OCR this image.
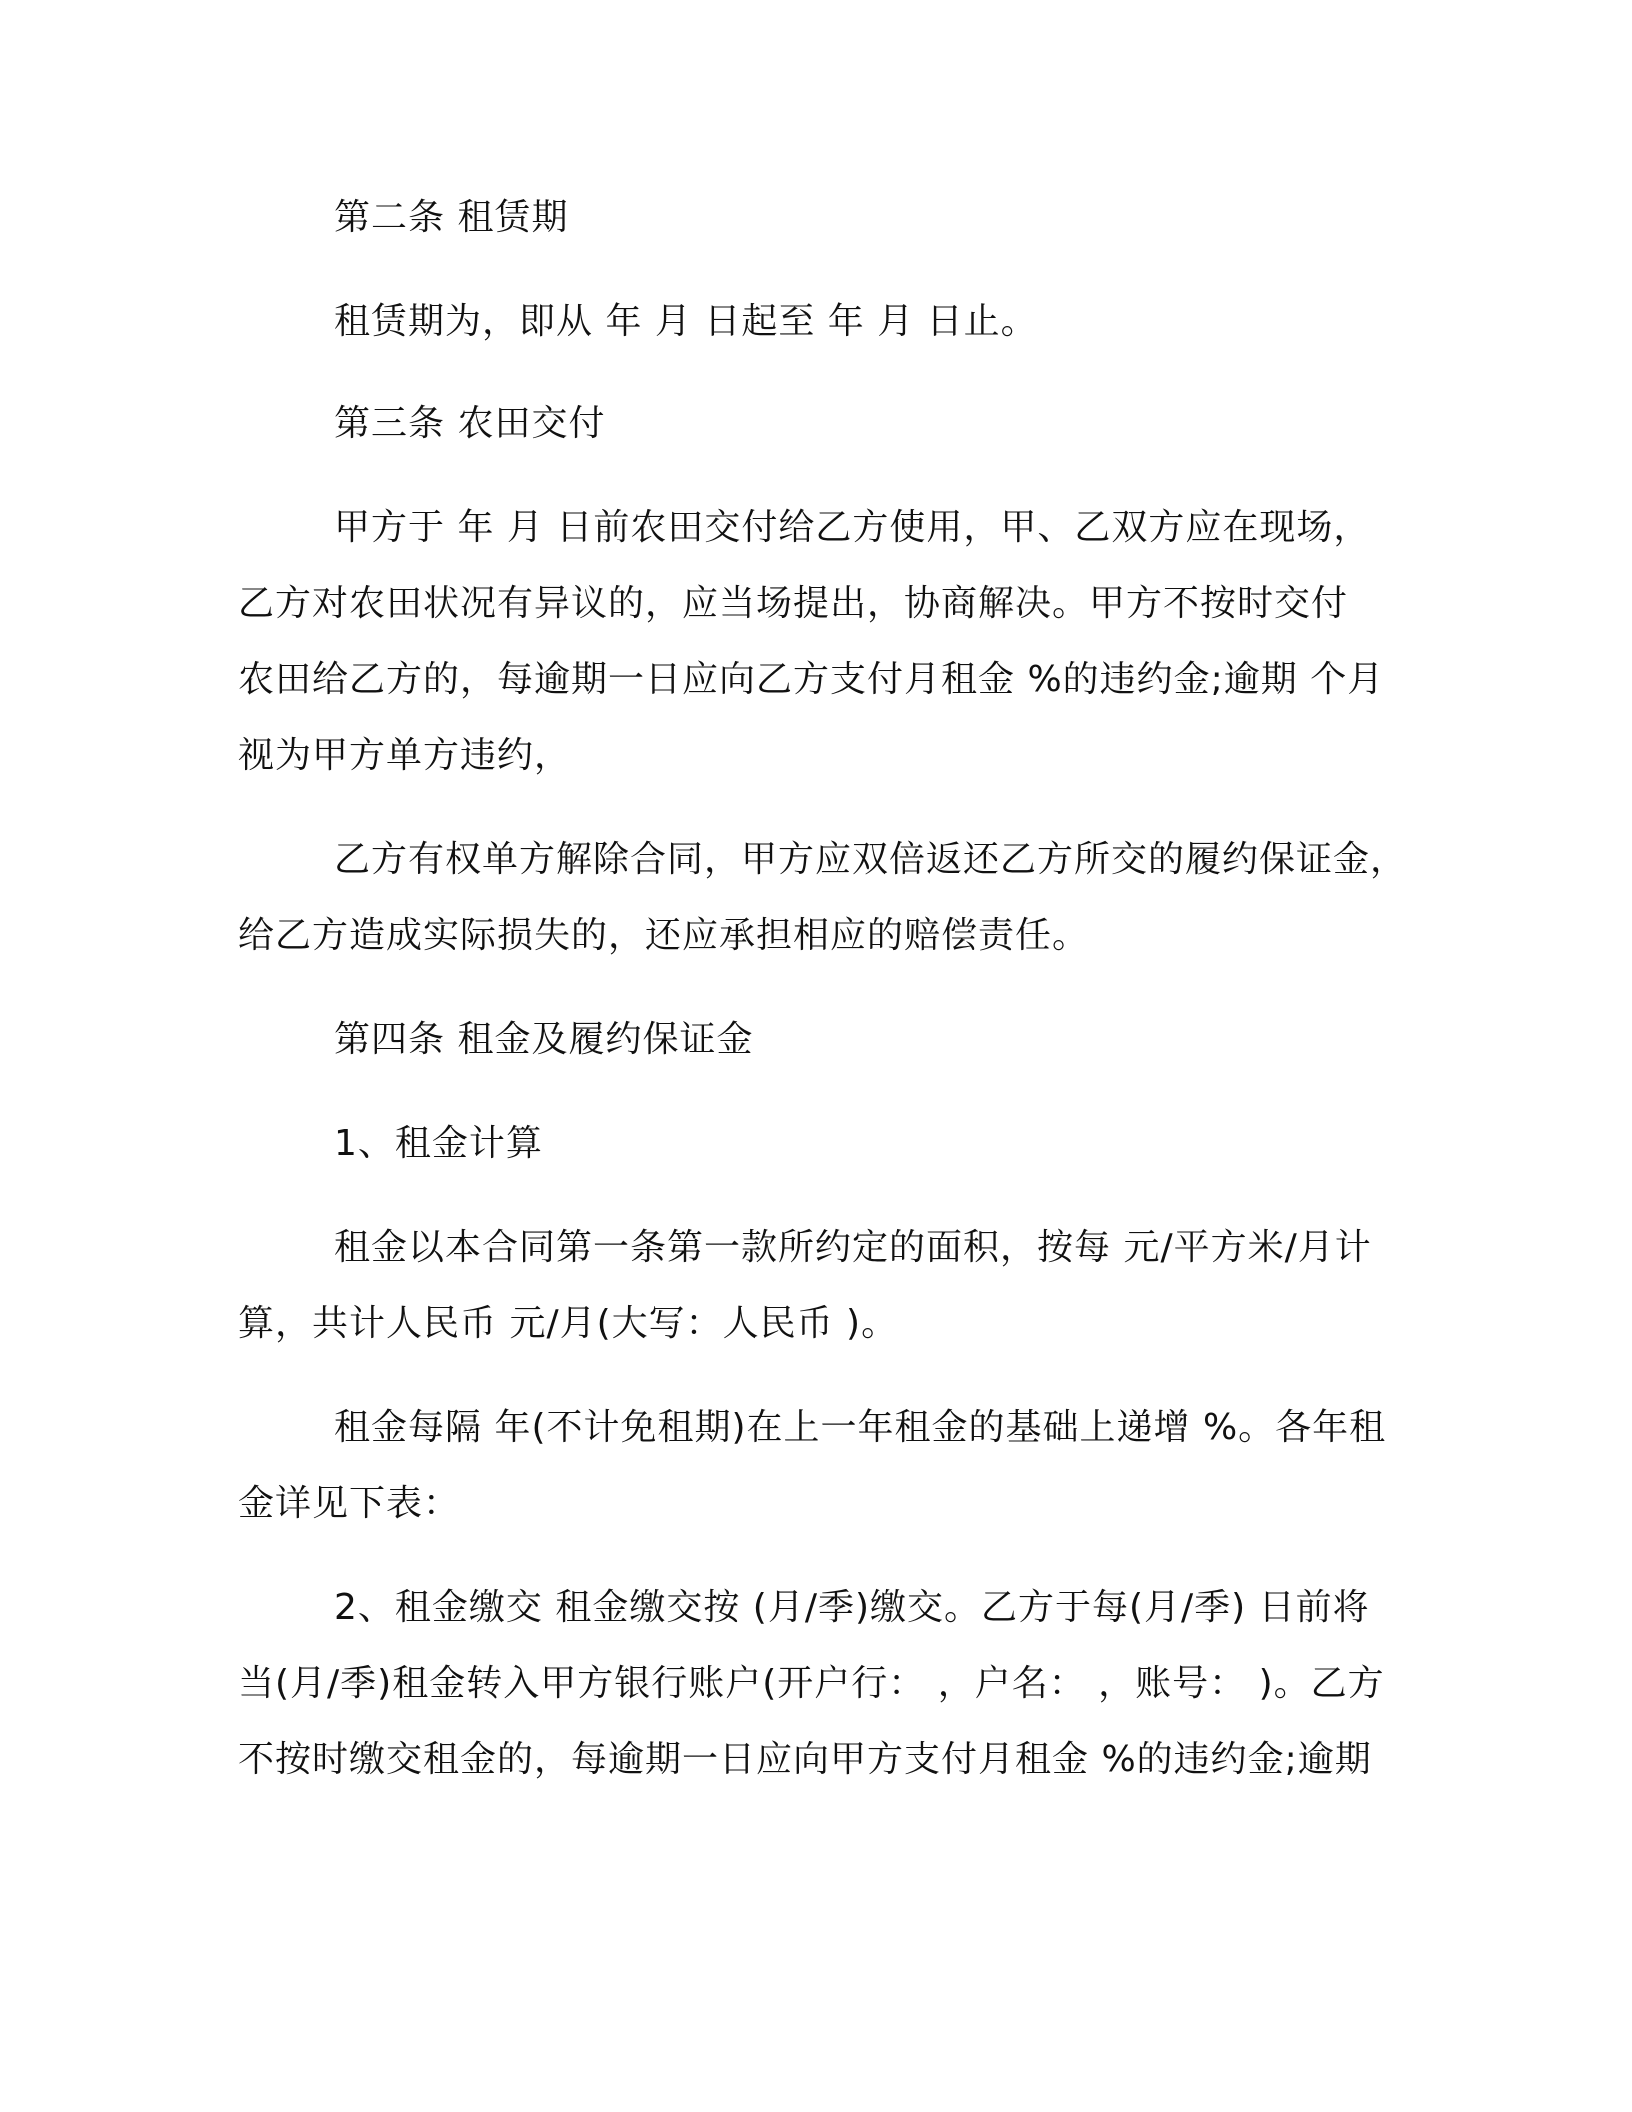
第二条 租赁期
租赁期为，即从 年 月 日起至 年 月 日止。
第三条 农田交付
甲方于 年 月 日前农田交付给乙方使用，甲、乙双方应在现场，
乙方对农田状况有异议的，应当场提出，协商解决。甲方不按时交付
农田给乙方的，每逾期一日应向乙方支付月租金 %的违约金;逾期 个月
视为甲方单方违约，
乙方有权单方解除合同，甲方应双倍返还乙方所交的履约保证金，
给乙方造成实际损失的，还应承担相应的赔偿责任。
第四条 租金及履约保证金
1、租金计算
租金以本合同第一条第一款所约定的面积，按每 元/平方米/月计
算，共计人民币 元/月(大写：人民币 )。
租金每隔 年(不计免租期)在上一年租金的基础上递增 %。各年租
金详见下表：
2、租金缴交 租金缴交按 (月/季)缴交。乙方于每(月/季) 日前将
当(月/季)租金转入甲方银行账户(开户行： ，户名： ，账号： )。乙方
不按时缴交租金的，每逾期一日应向甲方支付月租金 %的违约金;逾期
